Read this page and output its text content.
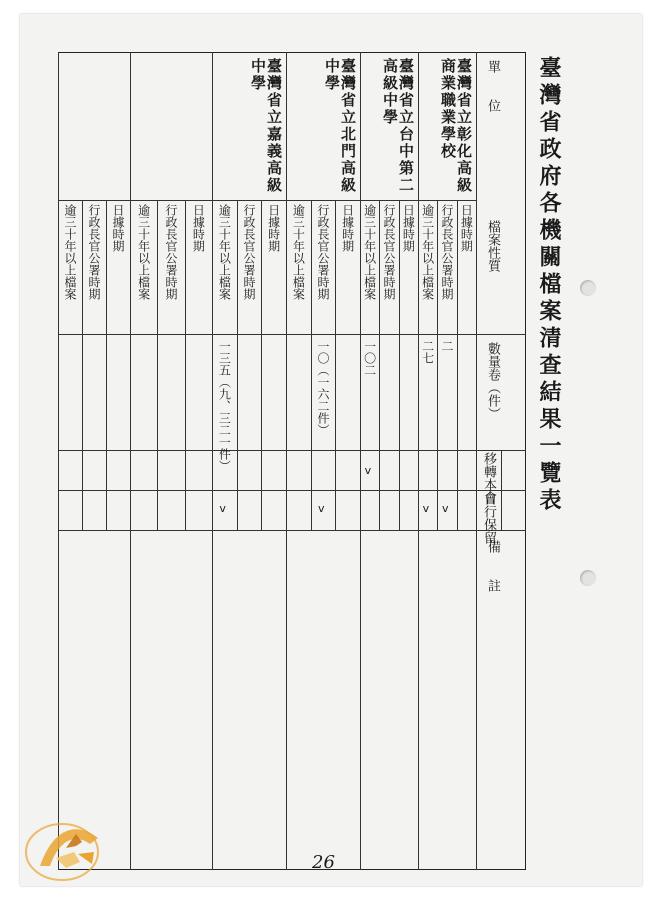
臺灣省政府各機關檔案清查結果一覽表
單　　位
檔案性質
數量卷（件）
移轉本會
自行保留
備　　註
臺灣省立彰化高級商業職業學校
日據時期
行政長官公署時期
二
v
逾三十年以上檔案
二七
v
臺灣省立台中第二高級中學
日據時期
行政長官公署時期
逾三十年以上檔案
一〇二
v
臺灣省立北門高級中學
日據時期
行政長官公署時期
一〇（一六二件）
v
逾三十年以上檔案
臺灣省立嘉義高級中學
日據時期
行政長官公署時期
逾三十年以上檔案
一三五（九、三二一件）
v
日據時期
行政長官公署時期
逾三十年以上檔案
日據時期
行政長官公署時期
逾三十年以上檔案
26
